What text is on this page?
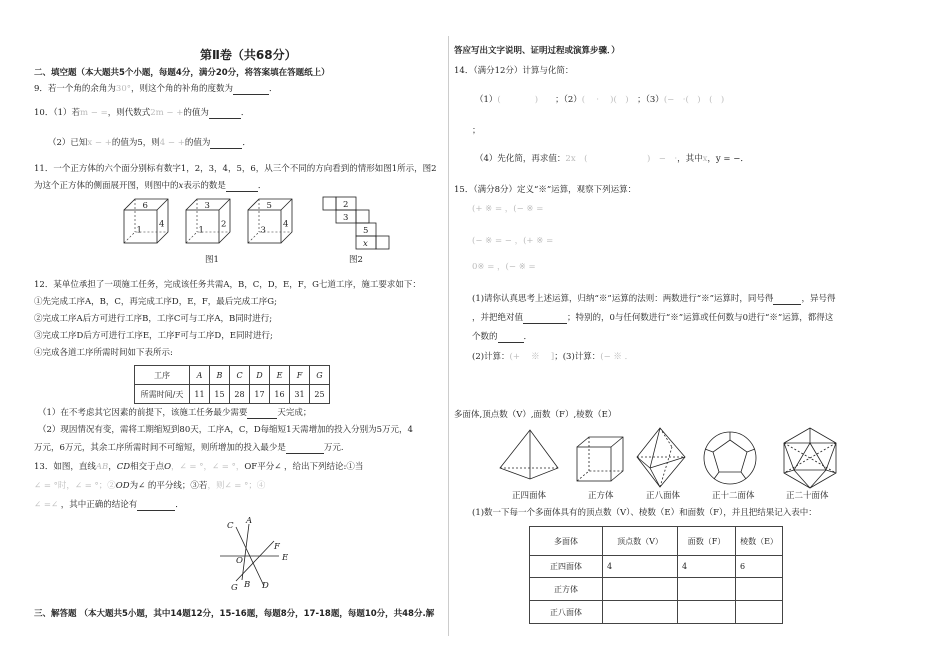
第Ⅱ卷（共68分）
二、填空题（本大题共5个小题，每题4分，满分20分，将答案填在答题纸上）
9．若一个角的余角为30°，则这个角的补角的度数为	．
10．（1）若m − =，则代数式2m − +的值为	．
（2）已知x − +的值为5，则4 − +的值为	．
11．一个正方体的六个面分别标有数字1，2，3，4，5，6，从三个不同的方向看到的情形如图1所示，图2
为这个正方体的侧面展开图，则图中的x表示的数是	．
6
1
4
3
1
2
5
3
4
2
3
5
x
图1	图2
12．某单位承担了一项施工任务，完成该任务共需A，B，C，D，E，F，G七道工序，施工要求如下：
①先完成工序A，B，C，再完成工序D，E，F，最后完成工序G;
②完成工序A后方可进行工序B，工序C可与工序A，B同时进行;
③完成工序D后方可进行工序E，工序F可与工序D，E同时进行;
④完成各道工序所需时间如下表所示:
工序	A	B	C	D	E	F	G
所需时间/天	11	15	28	17	16	31	25
（1）在不考虑其它因素的前提下，该施工任务最少需要	天完成；
（2）现因情况有变，需将工期缩短到80天，工序A，C，D每缩短1天需增加的投入分别为5万元，4
万元，6万元，其余工序所需时间不可缩短，则所增加的投入最少是	万元.
13．如图，直线AB，CD相交于点O，∠ = °，∠ = °，OF平分∠ ，给出下列结论:①当
∠ = °时，∠ = °；②OD为∠ 的平分线；③若，则∠ = °；④
∠ =∠ ，其中正确的结论有	．
C A
O
F
E
G B D
三、解答题 （本大题共5小题，其中14题12分，15-16题，每题8分，17-18题，每题10分，共48分.解
答应写出文字说明、证明过程或演算步骤．）
14．（满分12分）计算与化简：
（1）(　　　　)　　 ；（2）(　 · 　)(　)　 ；（3）(−　·(　)　(　)
；
（4）先化简，再求值：2x　(　　　　　　　)　−　·，其中x，y = −．
15．（满分8分）定义“※”运算，观察下列运算：
(+ ※ = ，(− ※ =
(− ※ = − ，(+ ※ =
0※ = ，(− ※ =
(1)请你认真思考上述运算，归纳“※”运算的法则：两数进行“※”运算时，同号得	，异号得
，并把绝对值	；特别的，0与任何数进行“※”运算或任何数与0进行“※”运算，都得这
个数的	．
(2)计算：(+ 　※　 ]；(3)计算：(− ※ ．
多面体,顶点数（V）,面数（F）,棱数（E）
正四面体	正方体	正八面体	正十二面体	正二十面体
(1)数一下每一个多面体具有的顶点数（V）、棱数（E）和面数（F），并且把结果记入表中：
多面体	顶点数（V）	面数（F）	棱数（E）
正四面体	4	4	6
正方体			
正八面体			
